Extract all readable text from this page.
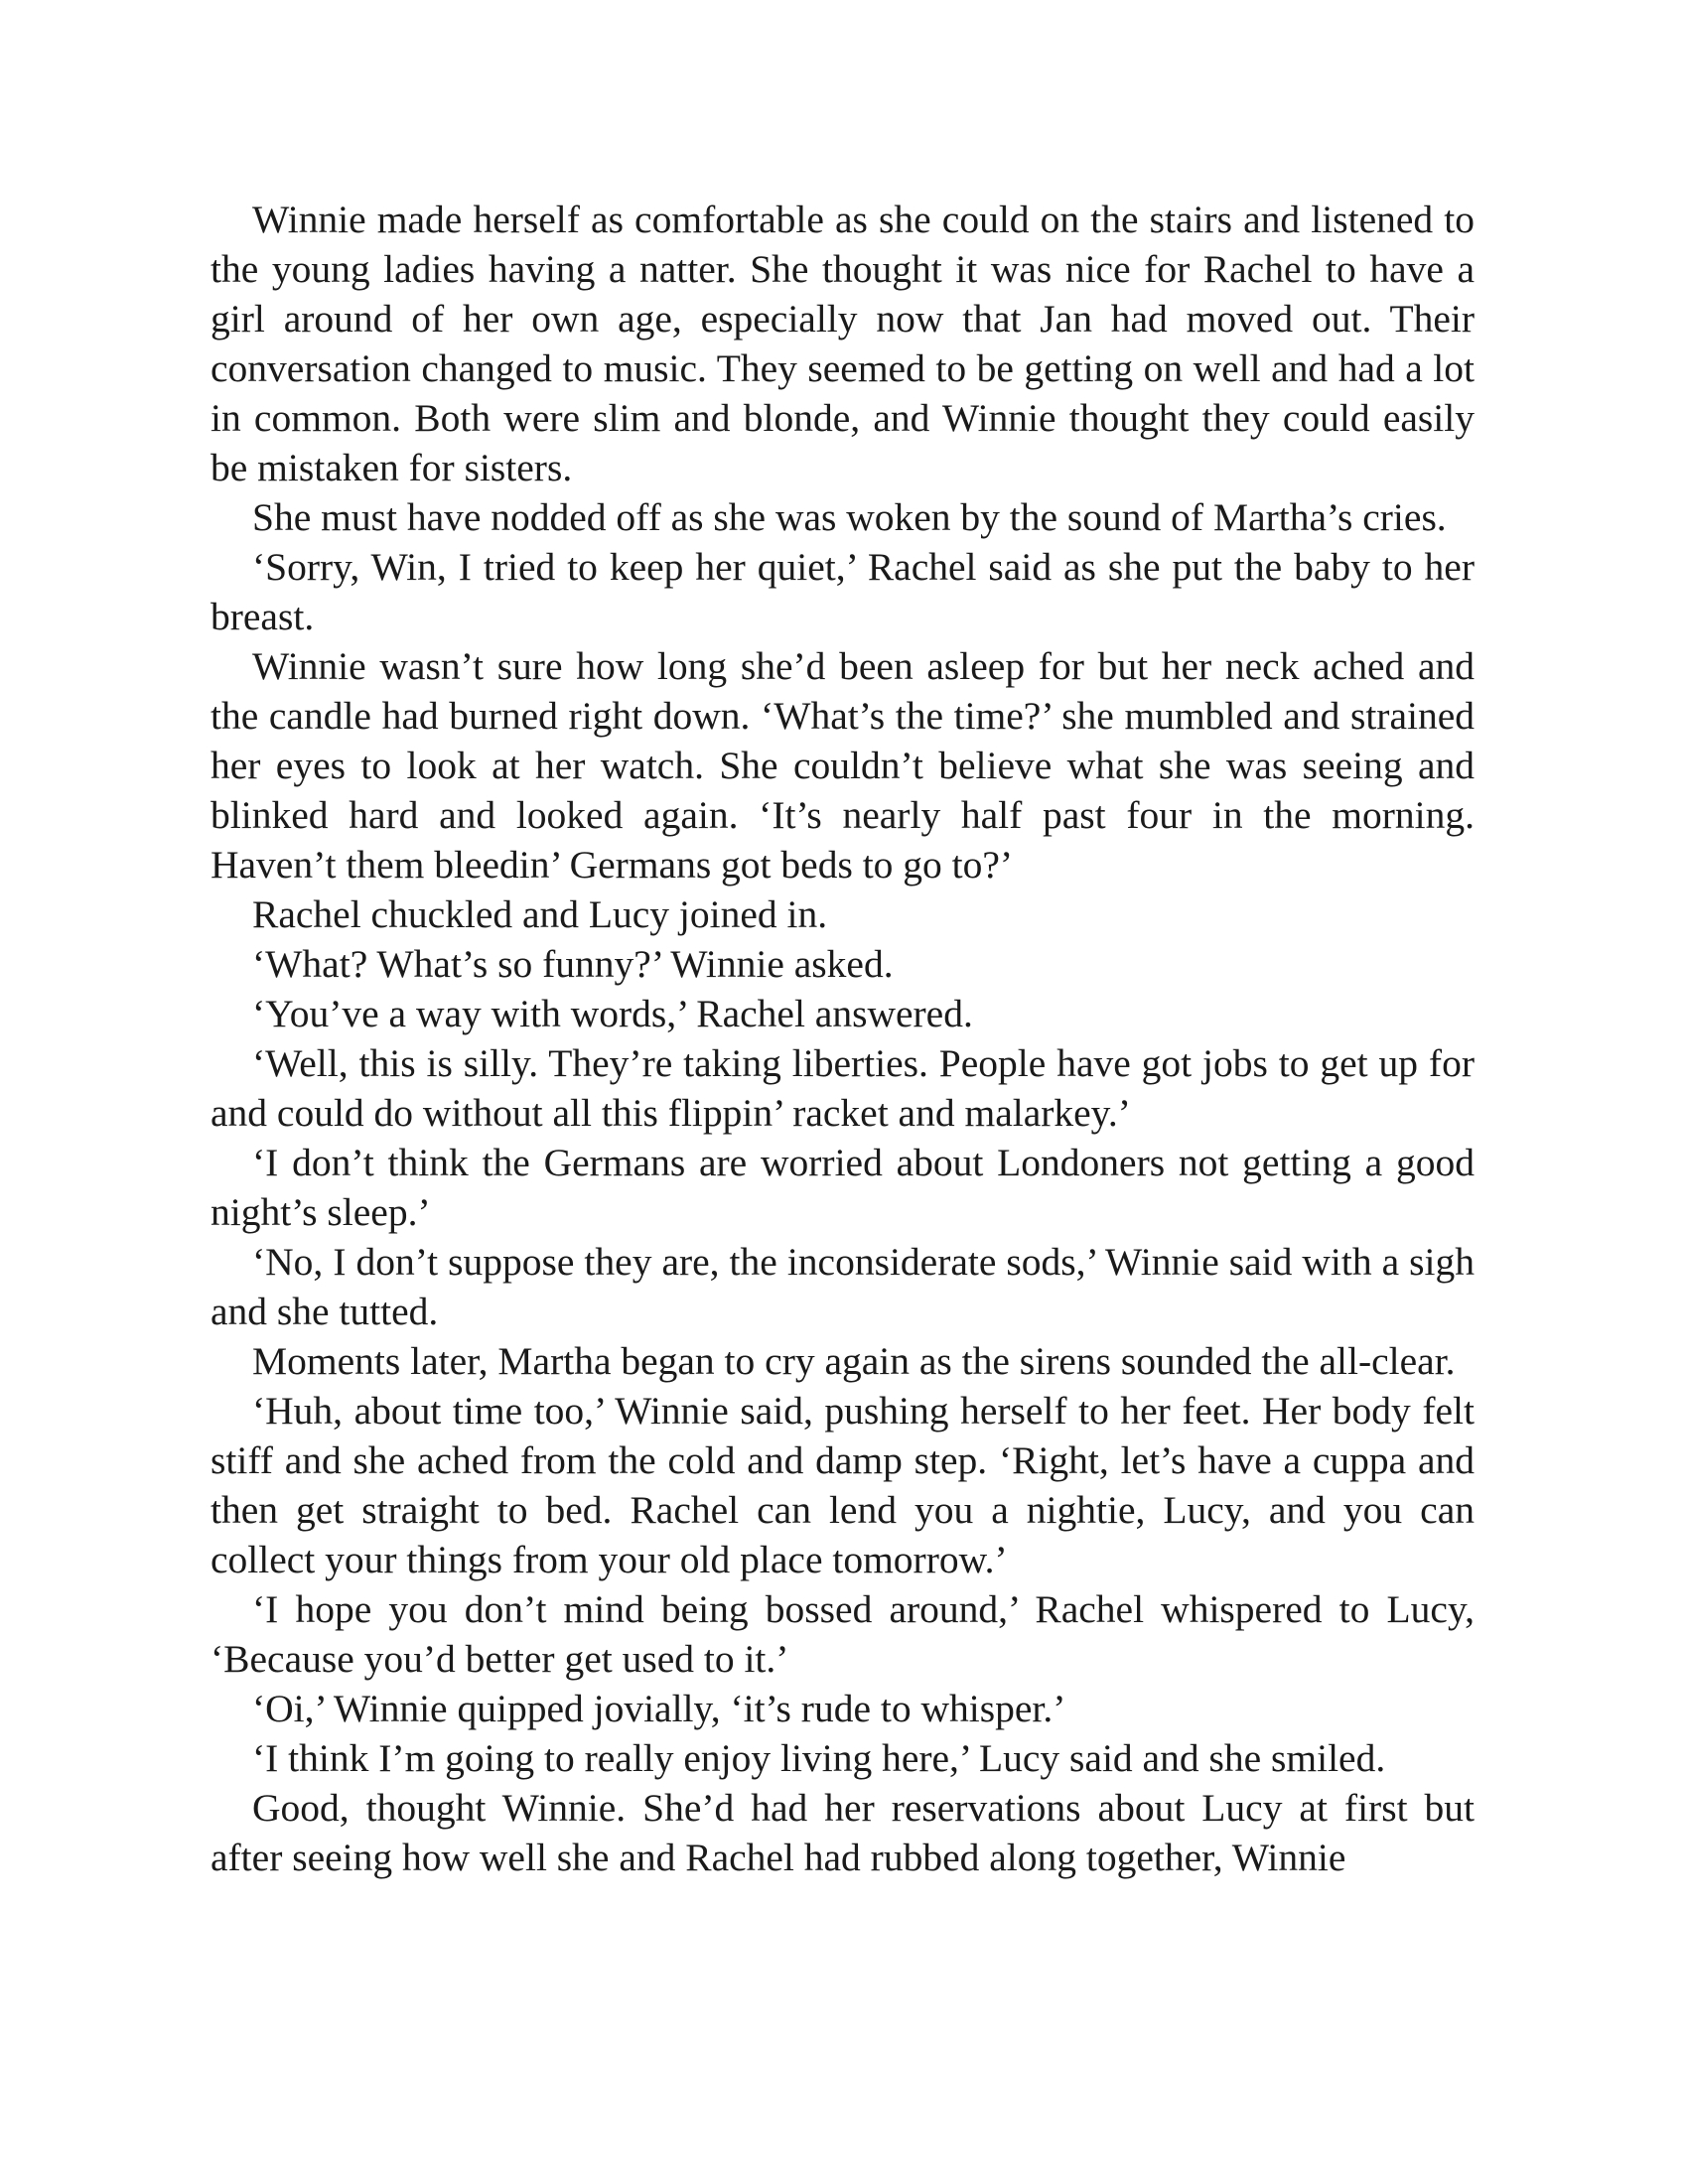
Winnie made herself as comfortable as she could on the stairs and listened to the young ladies having a natter. She thought it was nice for Rachel to have a girl around of her own age, especially now that Jan had moved out. Their conversation changed to music. They seemed to be getting on well and had a lot in common. Both were slim and blonde, and Winnie thought they could easily be mistaken for sisters.

She must have nodded off as she was woken by the sound of Martha’s cries.

‘Sorry, Win, I tried to keep her quiet,’ Rachel said as she put the baby to her breast.

Winnie wasn’t sure how long she’d been asleep for but her neck ached and the candle had burned right down. ‘What’s the time?’ she mumbled and strained her eyes to look at her watch. She couldn’t believe what she was seeing and blinked hard and looked again. ‘It’s nearly half past four in the morning. Haven’t them bleedin’ Germans got beds to go to?’

Rachel chuckled and Lucy joined in.

‘What? What’s so funny?’ Winnie asked.

‘You’ve a way with words,’ Rachel answered.

‘Well, this is silly. They’re taking liberties. People have got jobs to get up for and could do without all this flippin’ racket and malarkey.’

‘I don’t think the Germans are worried about Londoners not getting a good night’s sleep.’

‘No, I don’t suppose they are, the inconsiderate sods,’ Winnie said with a sigh and she tutted.

Moments later, Martha began to cry again as the sirens sounded the all-clear.

‘Huh, about time too,’ Winnie said, pushing herself to her feet. Her body felt stiff and she ached from the cold and damp step. ‘Right, let’s have a cuppa and then get straight to bed. Rachel can lend you a nightie, Lucy, and you can collect your things from your old place tomorrow.’

‘I hope you don’t mind being bossed around,’ Rachel whispered to Lucy, ‘Because you’d better get used to it.’

‘Oi,’ Winnie quipped jovially, ‘it’s rude to whisper.’

‘I think I’m going to really enjoy living here,’ Lucy said and she smiled.

Good, thought Winnie. She’d had her reservations about Lucy at first but after seeing how well she and Rachel had rubbed along together, Winnie
